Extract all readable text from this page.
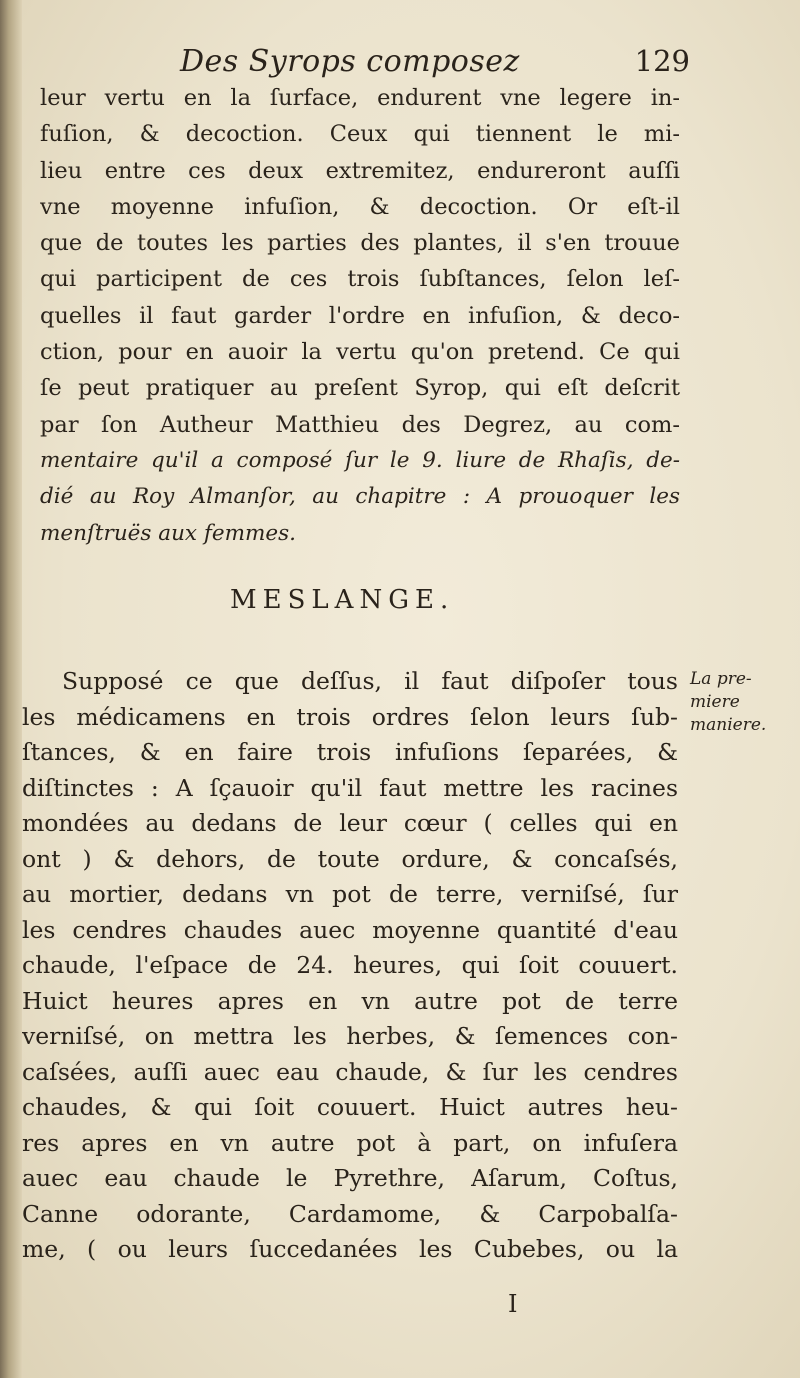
Des Syrops composez	129
leur vertu en la ſurface, endurent vne legere in-
fuſion, & decoction. Ceux qui tiennent le mi-
lieu entre ces deux extremitez, endureront auſſi
vne moyenne infuſion, & decoction. Or eſt-il
que de toutes les parties des plantes, il s'en trouue
qui participent de ces trois ſubſtances, ſelon leſ-
quelles il faut garder l'ordre en infuſion, & deco-
ction, pour en auoir la vertu qu'on pretend. Ce qui
ſe peut pratiquer au preſent Syrop, qui eſt deſcrit
par ſon Autheur Matthieu des Degrez, au com-
mentaire qu'il a composé ſur le 9. liure de Rhaſis, de-
dié au Roy Almanſor, au chapitre : A prouoquer les
menſtruës aux femmes.
MESLANGE.
Supposé ce que deſſus, il faut diſpoſer tous
les médicamens en trois ordres ſelon leurs ſub-
ſtances, & en faire trois infuſions ſeparées, &
diſtinctes : A ſçauoir qu'il faut mettre les racines
mondées au dedans de leur cœur ( celles qui en
ont ) & dehors, de toute ordure, & concaſsés,
au mortier, dedans vn pot de terre, verniſsé, ſur
les cendres chaudes auec moyenne quantité d'eau
chaude, l'eſpace de 24. heures, qui ſoit couuert.
Huict heures apres en vn autre pot de terre
verniſsé, on mettra les herbes, & ſemences con-
caſsées, auſſi auec eau chaude, & ſur les cendres
chaudes, & qui ſoit couuert. Huict autres heu-
res apres en vn autre pot à part, on infuſera
auec eau chaude le Pyrethre, Aſarum, Coſtus,
Canne odorante, Cardamome, & Carpobalſa-
me, ( ou leurs ſuccedanées les Cubebes, ou la
La pre-
miere
maniere.
I
